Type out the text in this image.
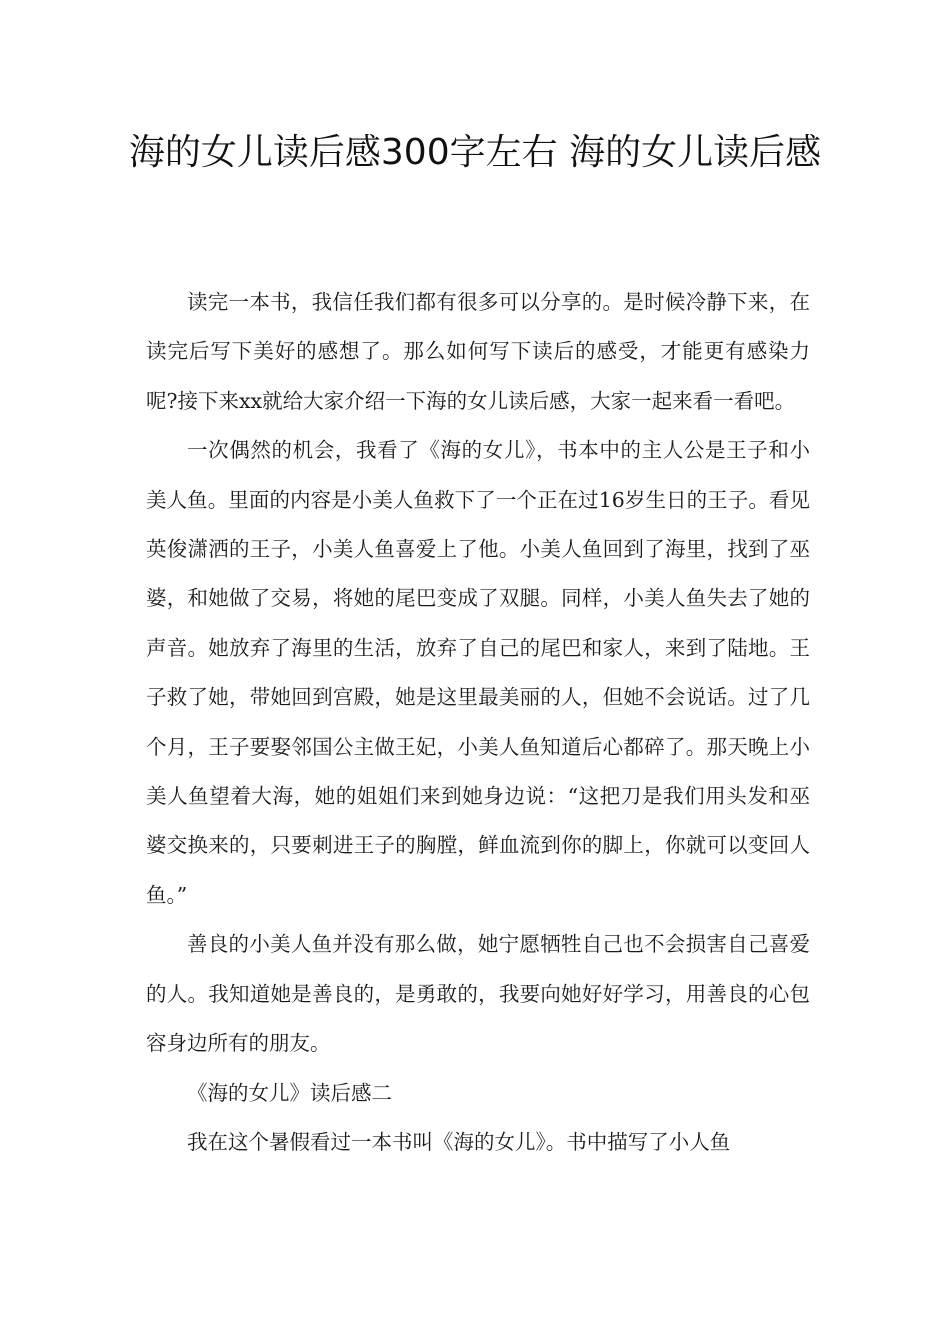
海的女儿读后感300字左右 海的女儿读后感

读完一本书，我信任我们都有很多可以分享的。是时候冷静下来，在读完后写下美好的感想了。那么如何写下读后的感受，才能更有感染力呢?接下来xx就给大家介绍一下海的女儿读后感，大家一起来看一看吧。

一次偶然的机会，我看了《海的女儿》，书本中的主人公是王子和小美人鱼。里面的内容是小美人鱼救下了一个正在过16岁生日的王子。看见英俊潇洒的王子，小美人鱼喜爱上了他。小美人鱼回到了海里，找到了巫婆，和她做了交易，将她的尾巴变成了双腿。同样，小美人鱼失去了她的声音。她放弃了海里的生活，放弃了自己的尾巴和家人，来到了陆地。王子救了她，带她回到宫殿，她是这里最美丽的人，但她不会说话。过了几个月，王子要娶邻国公主做王妃，小美人鱼知道后心都碎了。那天晚上小美人鱼望着大海，她的姐姐们来到她身边说：“这把刀是我们用头发和巫婆交换来的，只要刺进王子的胸膛，鲜血流到你的脚上，你就可以变回人鱼。”

善良的小美人鱼并没有那么做，她宁愿牺牲自己也不会损害自己喜爱的人。我知道她是善良的，是勇敢的，我要向她好好学习，用善良的心包容身边所有的朋友。

《海的女儿》读后感二

我在这个暑假看过一本书叫《海的女儿》。书中描写了小人鱼
